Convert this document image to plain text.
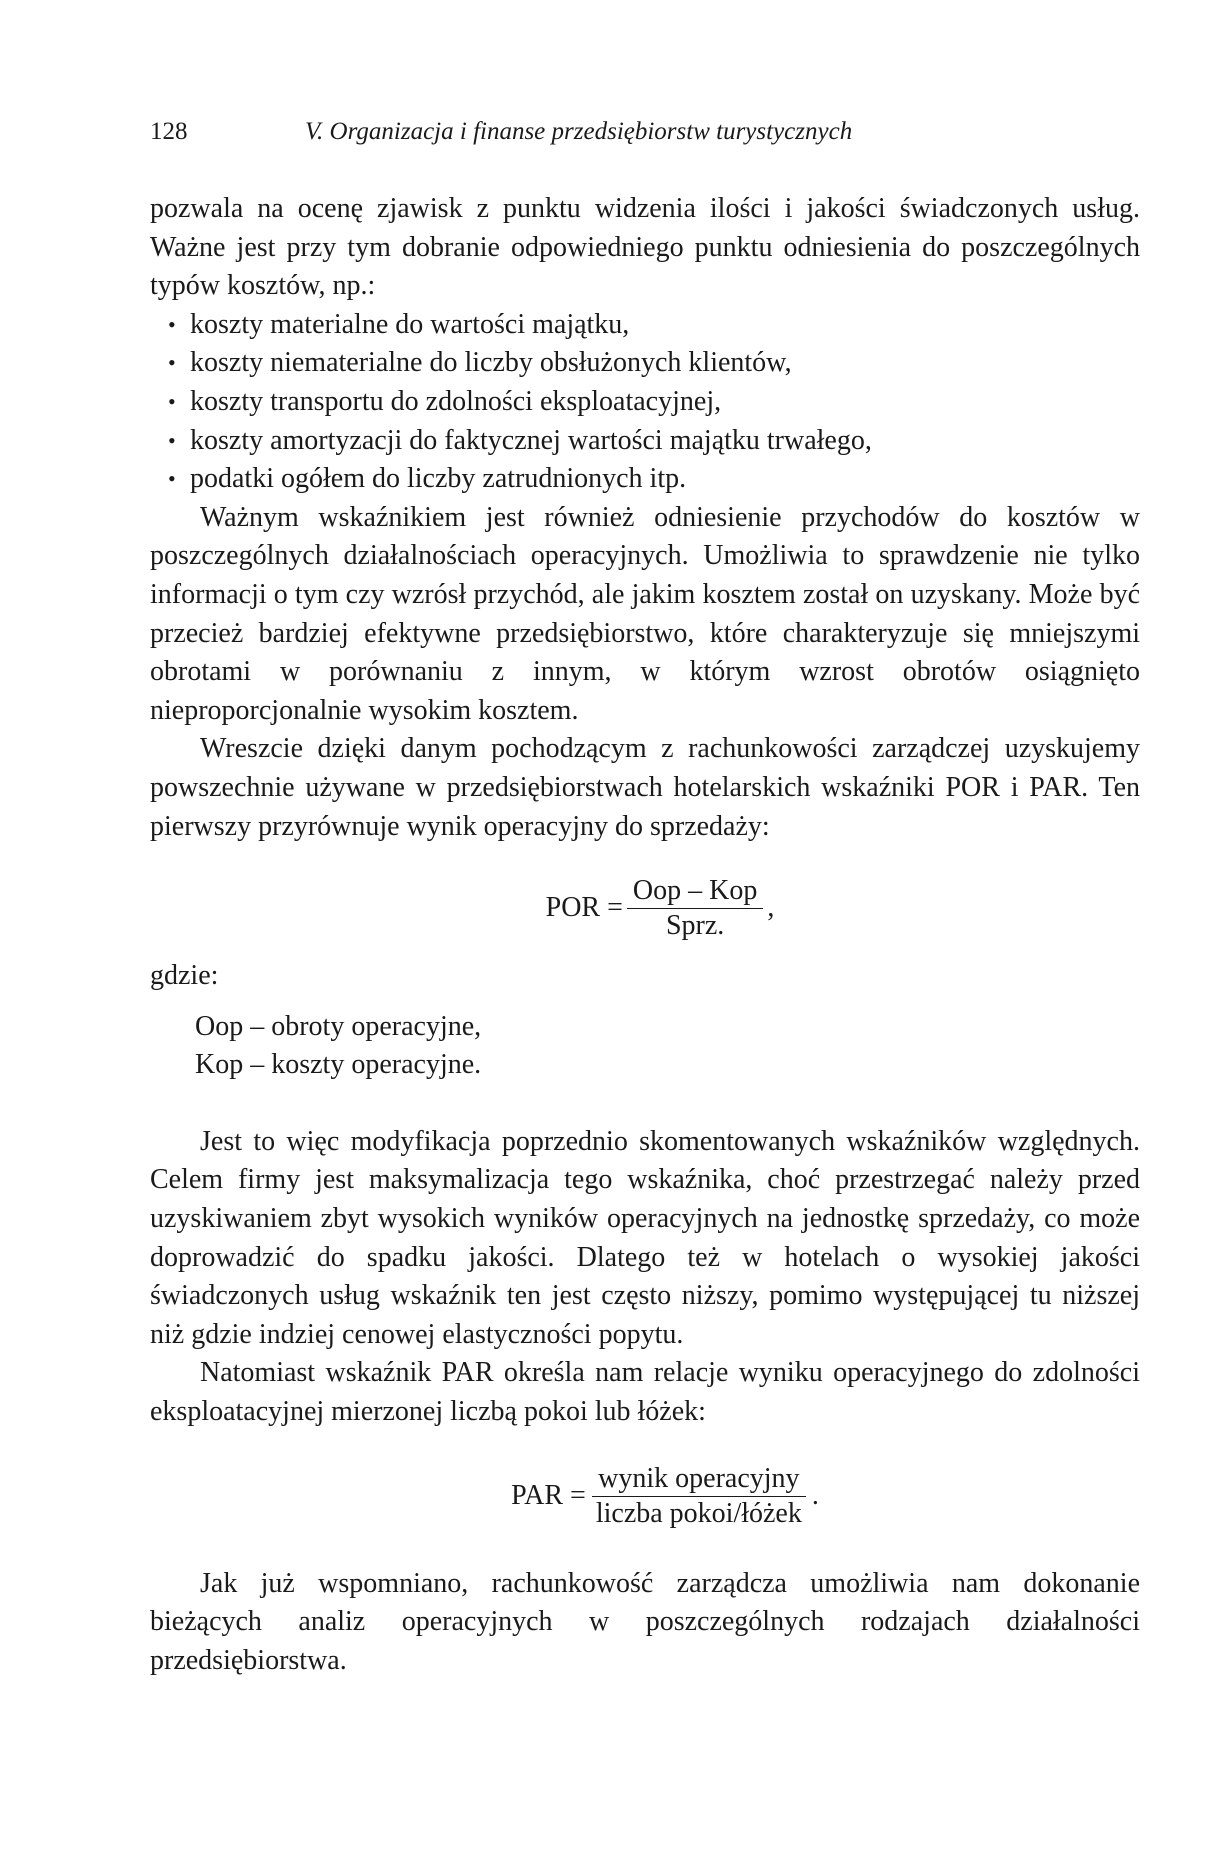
128	V. Organizacja i finanse przedsiębiorstw turystycznych

pozwala na ocenę zjawisk z punktu widzenia ilości i jakości świadczonych usług. Ważne jest przy tym dobranie odpowiedniego punktu odniesienia do poszczególnych typów kosztów, np.:

• koszty materialne do wartości majątku,
• koszty niematerialne do liczby obsłużonych klientów,
• koszty transportu do zdolności eksploatacyjnej,
• koszty amortyzacji do faktycznej wartości majątku trwałego,
• podatki ogółem do liczby zatrudnionych itp.

Ważnym wskaźnikiem jest również odniesienie przychodów do kosztów w poszczególnych działalnościach operacyjnych. Umożliwia to sprawdzenie nie tylko informacji o tym czy wzrósł przychód, ale jakim kosztem został on uzyskany. Może być przecież bardziej efektywne przedsiębiorstwo, które charakteryzuje się mniejszymi obrotami w porównaniu z innym, w którym wzrost obrotów osiągnięto nieproporcjonalnie wysokim kosztem.

Wreszcie dzięki danym pochodzącym z rachunkowości zarządczej uzyskujemy powszechnie używane w przedsiębiorstwach hotelarskich wskaźniki POR i PAR. Ten pierwszy przyrównuje wynik operacyjny do sprzedaży:

POR = $\frac{\text{Oop – Kop}}{\text{Sprz.}}$ ,

gdzie:

Oop – obroty operacyjne,
Kop – koszty operacyjne.

Jest to więc modyfikacja poprzednio skomentowanych wskaźników względnych. Celem firmy jest maksymalizacja tego wskaźnika, choć przestrzegać należy przed uzyskiwaniem zbyt wysokich wyników operacyjnych na jednostkę sprzedaży, co może doprowadzić do spadku jakości. Dlatego też w hotelach o wysokiej jakości świadczonych usług wskaźnik ten jest często niższy, pomimo występującej tu niższej niż gdzie indziej cenowej elastyczności popytu.

Natomiast wskaźnik PAR określa nam relacje wyniku operacyjnego do zdolności eksploatacyjnej mierzonej liczbą pokoi lub łóżek:

PAR = $\frac{\text{wynik operacyjny}}{\text{liczba pokoi/łóżek}}$ .

Jak już wspomniano, rachunkowość zarządcza umożliwia nam dokonanie bieżących analiz operacyjnych w poszczególnych rodzajach działalności przedsiębiorstwa.
